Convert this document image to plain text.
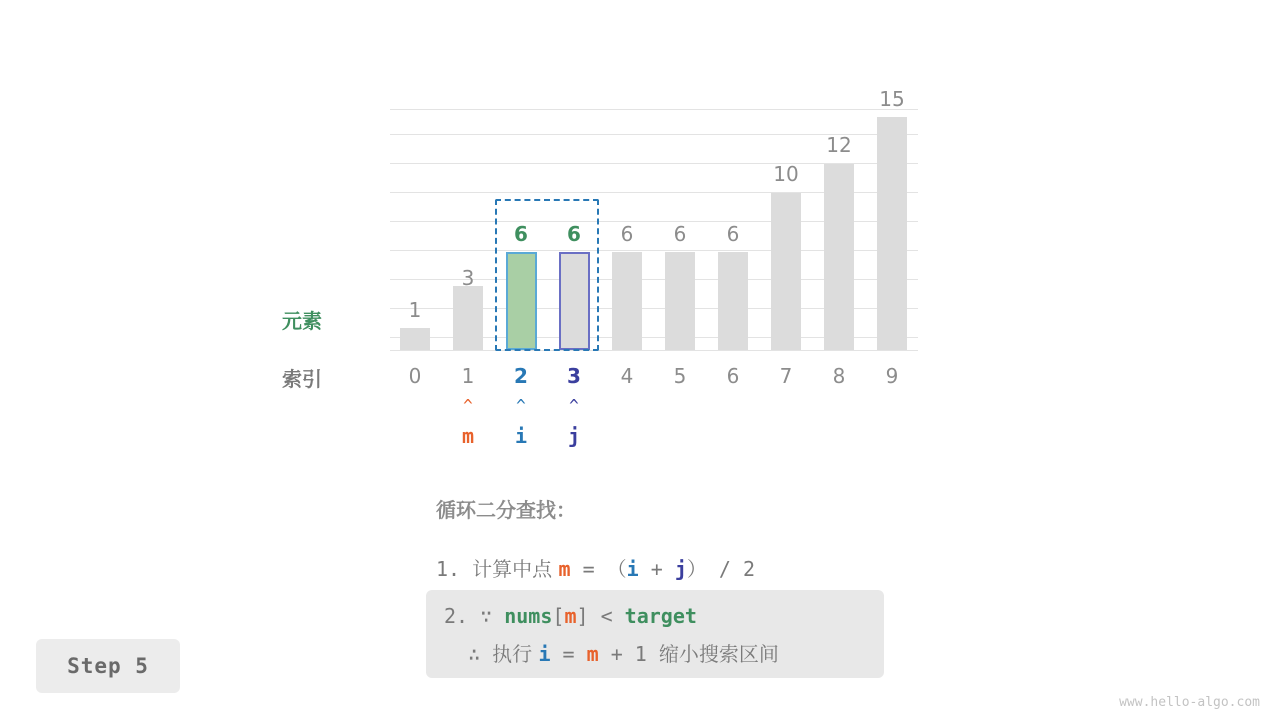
1
3
6	6	6	6	6
10
12
15
元素
索引	0	1	2	3	4	5	6	7	8	9
^	^	^
m	i	j
循环二分查找：
1. 计算中点 m = （i + j） / 2
2. ∵ nums[m] < target
∴ 执行 i = m + 1 缩小搜索区间
Step 5
www.hello-algo.com
